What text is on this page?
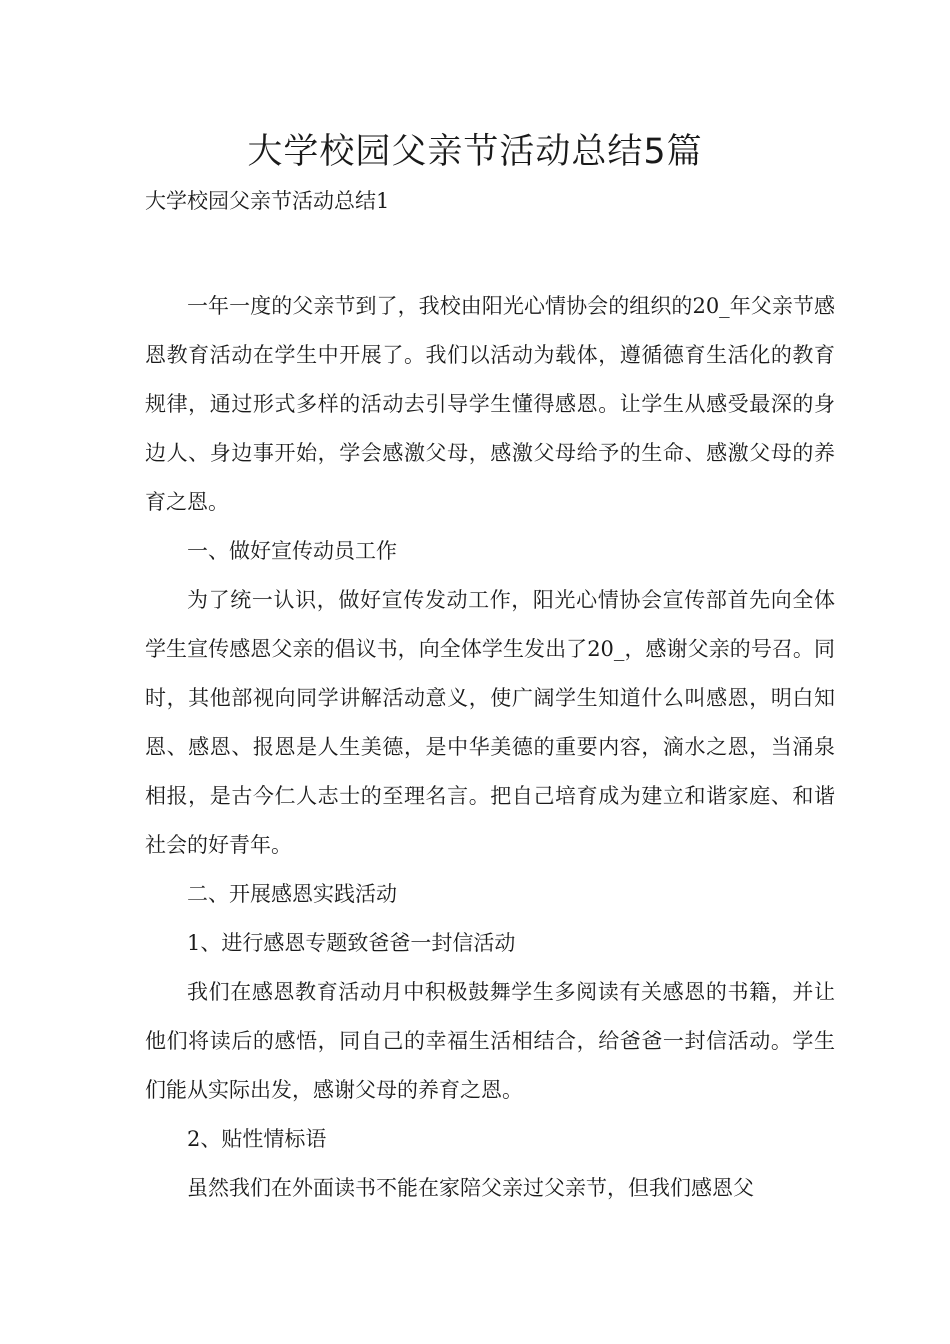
大学校园父亲节活动总结5篇
大学校园父亲节活动总结1

一年一度的父亲节到了，我校由阳光心情协会的组织的20_年父亲节感恩教育活动在学生中开展了。我们以活动为载体，遵循德育生活化的教育规律，通过形式多样的活动去引导学生懂得感恩。让学生从感受最深的身边人、身边事开始，学会感激父母，感激父母给予的生命、感激父母的养育之恩。

一、做好宣传动员工作

为了统一认识，做好宣传发动工作，阳光心情协会宣传部首先向全体学生宣传感恩父亲的倡议书，向全体学生发出了20_，感谢父亲的号召。同时，其他部视向同学讲解活动意义，使广阔学生知道什么叫感恩，明白知恩、感恩、报恩是人生美德，是中华美德的重要内容，滴水之恩，当涌泉相报，是古今仁人志士的至理名言。把自己培育成为建立和谐家庭、和谐社会的好青年。

二、开展感恩实践活动

1、进行感恩专题致爸爸一封信活动

我们在感恩教育活动月中积极鼓舞学生多阅读有关感恩的书籍，并让他们将读后的感悟，同自己的幸福生活相结合，给爸爸一封信活动。学生们能从实际出发，感谢父母的养育之恩。

2、贴性情标语

虽然我们在外面读书不能在家陪父亲过父亲节，但我们感恩父
